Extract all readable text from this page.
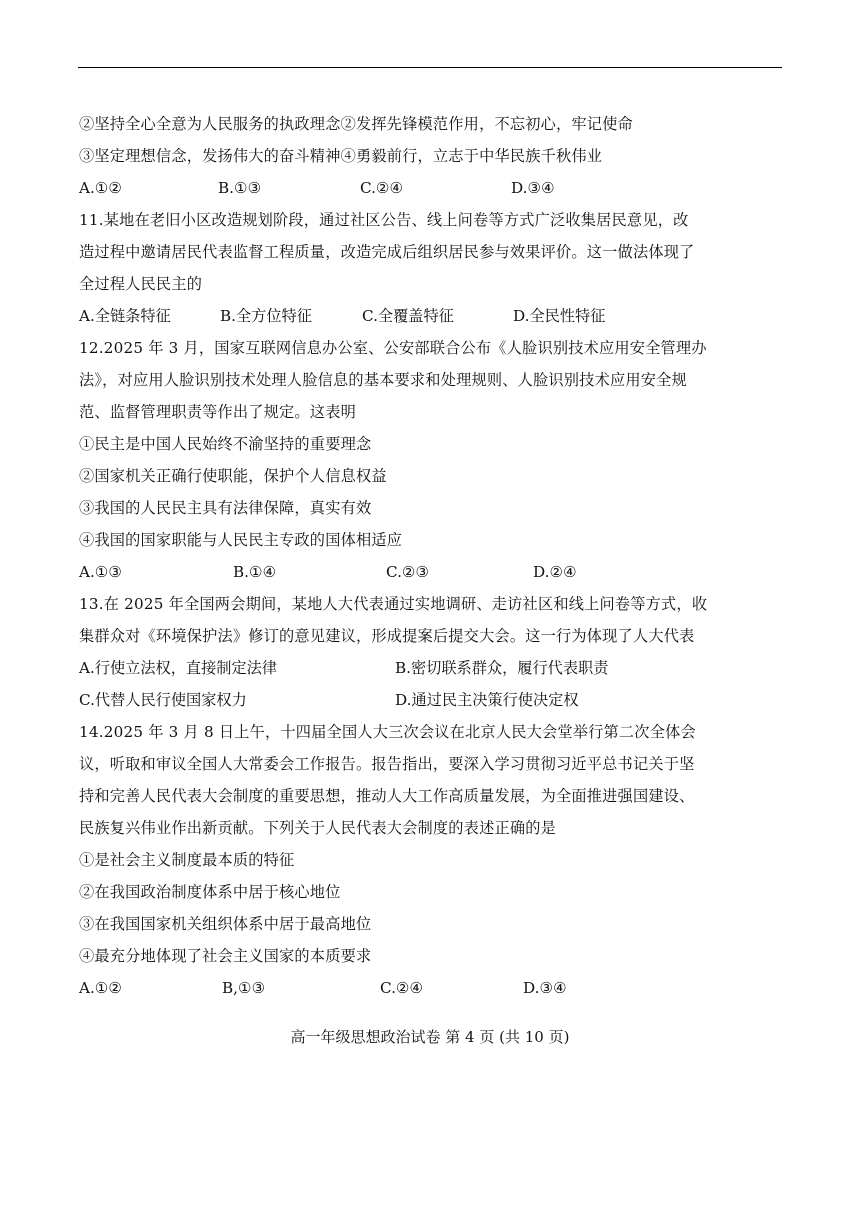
②坚持全心全意为人民服务的执政理念②发挥先锋模范作用，不忘初心，牢记使命
③坚定理想信念，发扬伟大的奋斗精神④勇毅前行，立志于中华民族千秋伟业
A.①②	B.①③	C.②④	D.③④
11.某地在老旧小区改造规划阶段，通过社区公告、线上问卷等方式广泛收集居民意见，改
造过程中邀请居民代表监督工程质量，改造完成后组织居民参与效果评价。这一做法体现了
全过程人民民主的
A.全链条特征	B.全方位特征	C.全覆盖特征	D.全民性特征
12.2025 年 3 月，国家互联网信息办公室、公安部联合公布《人脸识别技术应用安全管理办
法》，对应用人脸识别技术处理人脸信息的基本要求和处理规则、人脸识别技术应用安全规
范、监督管理职责等作出了规定。这表明
①民主是中国人民始终不渝坚持的重要理念
②国家机关正确行使职能，保护个人信息权益
③我国的人民民主具有法律保障，真实有效
④我国的国家职能与人民民主专政的国体相适应
A.①③	B.①④	C.②③	D.②④
13.在 2025 年全国两会期间，某地人大代表通过实地调研、走访社区和线上问卷等方式，收
集群众对《环境保护法》修订的意见建议，形成提案后提交大会。这一行为体现了人大代表
A.行使立法权，直接制定法律	B.密切联系群众，履行代表职责
C.代替人民行使国家权力	D.通过民主决策行使决定权
14.2025 年 3 月 8 日上午，十四届全国人大三次会议在北京人民大会堂举行第二次全体会
议，听取和审议全国人大常委会工作报告。报告指出，要深入学习贯彻习近平总书记关于坚
持和完善人民代表大会制度的重要思想，推动人大工作高质量发展，为全面推进强国建设、
民族复兴伟业作出新贡献。下列关于人民代表大会制度的表述正确的是
①是社会主义制度最本质的特征
②在我国政治制度体系中居于核心地位
③在我国国家机关组织体系中居于最高地位
④最充分地体现了社会主义国家的本质要求
A.①②	B,①③	C.②④	D.③④
高一年级思想政治试卷 第 4 页 (共 10 页)
